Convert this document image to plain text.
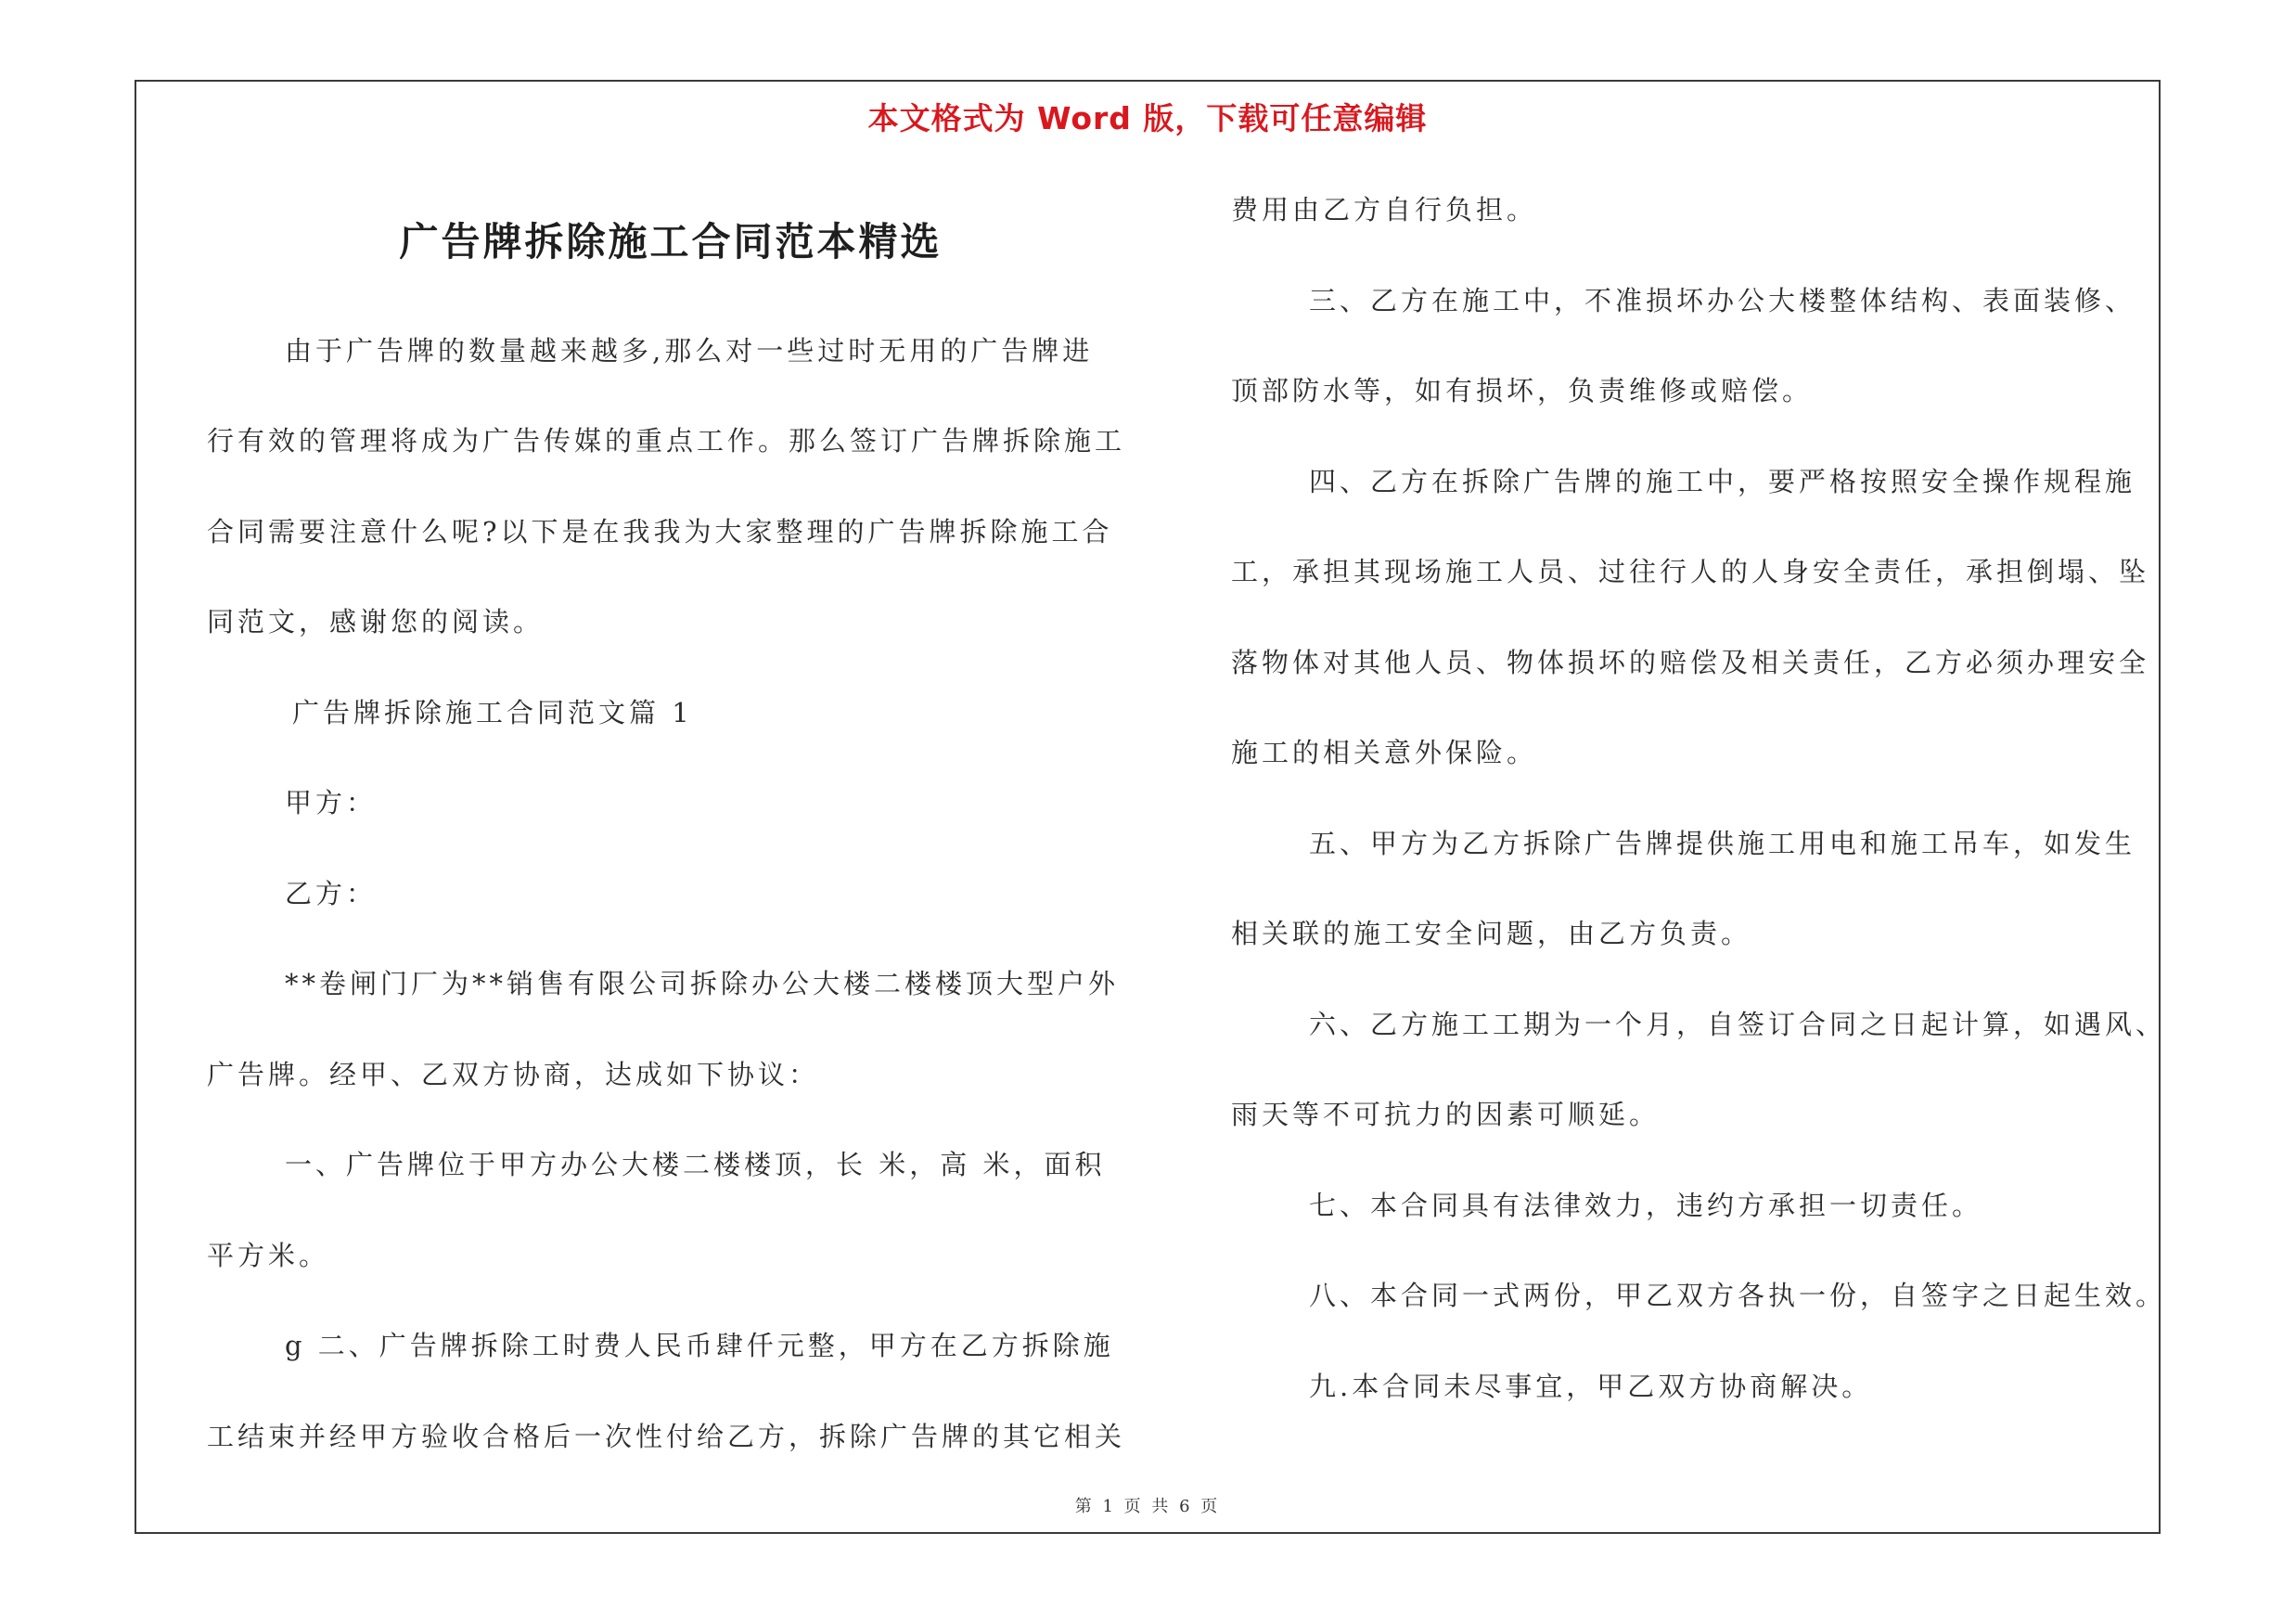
本文格式为 Word 版，下载可任意编辑
广告牌拆除施工合同范本精选
由于广告牌的数量越来越多,那么对一些过时无用的广告牌进
行有效的管理将成为广告传媒的重点工作。那么签订广告牌拆除施工
合同需要注意什么呢?以下是在我我为大家整理的广告牌拆除施工合
同范文，感谢您的阅读。
广告牌拆除施工合同范文篇 1
甲方：
乙方：
**卷闸门厂为**销售有限公司拆除办公大楼二楼楼顶大型户外
广告牌。经甲、乙双方协商，达成如下协议：
一、广告牌位于甲方办公大楼二楼楼顶，长 米，高 米，面积
平方米。
g 二、广告牌拆除工时费人民币肆仟元整，甲方在乙方拆除施
工结束并经甲方验收合格后一次性付给乙方，拆除广告牌的其它相关
费用由乙方自行负担。
三、乙方在施工中，不准损坏办公大楼整体结构、表面装修、
顶部防水等，如有损坏，负责维修或赔偿。
四、乙方在拆除广告牌的施工中，要严格按照安全操作规程施
工，承担其现场施工人员、过往行人的人身安全责任，承担倒塌、坠
落物体对其他人员、物体损坏的赔偿及相关责任，乙方必须办理安全
施工的相关意外保险。
五、甲方为乙方拆除广告牌提供施工用电和施工吊车，如发生
相关联的施工安全问题，由乙方负责。
六、乙方施工工期为一个月，自签订合同之日起计算，如遇风、
雨天等不可抗力的因素可顺延。
七、本合同具有法律效力，违约方承担一切责任。
八、本合同一式两份，甲乙双方各执一份，自签字之日起生效。
九.本合同未尽事宜，甲乙双方协商解决。
第 1 页 共 6 页
